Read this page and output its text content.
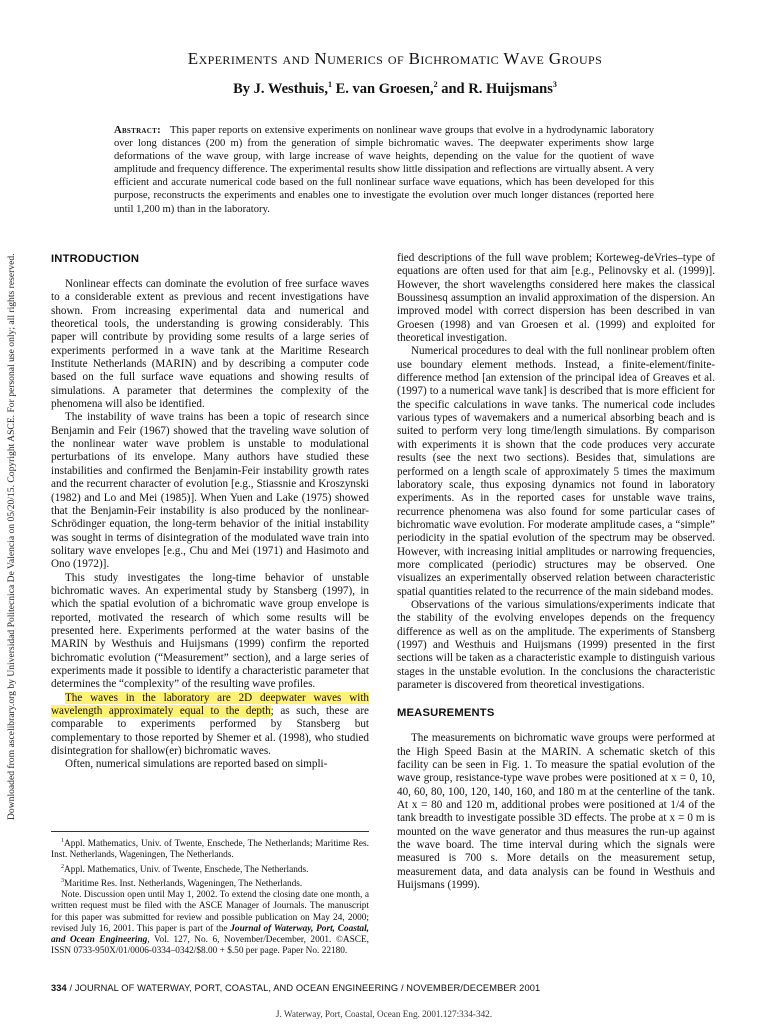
Downloaded from ascelibrary.org by Universidad Politecnica De Valencia on 05/20/15. Copyright ASCE. For personal use only; all rights reserved.
Experiments and Numerics of Bichromatic Wave Groups
By J. Westhuis,$^1$ E. van Groesen,$^2$ and R. Huijsmans$^3$

Abstract: This paper reports on extensive experiments on nonlinear wave groups that evolve in a hydrodynamic laboratory over long distances (200 m) from the generation of simple bichromatic waves. The deepwater experiments show large deformations of the wave group, with large increase of wave heights, depending on the value for the quotient of wave amplitude and frequency difference. The experimental results show little dissipation and reflections are virtually absent. A very efficient and accurate numerical code based on the full nonlinear surface wave equations, which has been developed for this purpose, reconstructs the experiments and enables one to investigate the evolution over much longer distances (reported here until 1,200 m) than in the laboratory.

INTRODUCTION

Nonlinear effects can dominate the evolution of free surface waves to a considerable extent as previous and recent investigations have shown. From increasing experimental data and numerical and theoretical tools, the understanding is growing considerably. This paper will contribute by providing some results of a large series of experiments performed in a wave tank at the Maritime Research Institute Netherlands (MARIN) and by describing a computer code based on the full surface wave equations and showing results of simulations. A parameter that determines the complexity of the phenomena will also be identified.

The instability of wave trains has been a topic of research since Benjamin and Feir (1967) showed that the traveling wave solution of the nonlinear water wave problem is unstable to modulational perturbations of its envelope. Many authors have studied these instabilities and confirmed the Benjamin-Feir instability growth rates and the recurrent character of evolution [e.g., Stiassnie and Kroszynski (1982) and Lo and Mei (1985)]. When Yuen and Lake (1975) showed that the Benjamin-Feir instability is also produced by the nonlinear-Schrödinger equation, the long-term behavior of the initial instability was sought in terms of disintegration of the modulated wave train into solitary wave envelopes [e.g., Chu and Mei (1971) and Hasimoto and Ono (1972)].

This study investigates the long-time behavior of unstable bichromatic waves. An experimental study by Stansberg (1997), in which the spatial evolution of a bichromatic wave group envelope is reported, motivated the research of which some results will be presented here. Experiments performed at the water basins of the MARIN by Westhuis and Huijsmans (1999) confirm the reported bichromatic evolution (“Measurement” section), and a large series of experiments made it possible to identify a characteristic parameter that determines the “complexity” of the resulting wave profiles.

The waves in the laboratory are 2D deepwater waves with wavelength approximately equal to the depth; as such, these are comparable to experiments performed by Stansberg but complementary to those reported by Shemer et al. (1998), who studied disintegration for shallow(er) bichromatic waves.

Often, numerical simulations are reported based on simpli-

$^1$Appl. Mathematics, Univ. of Twente, Enschede, The Netherlands; Maritime Res. Inst. Netherlands, Wageningen, The Netherlands.

$^2$Appl. Mathematics, Univ. of Twente, Enschede, The Netherlands.

$^3$Maritime Res. Inst. Netherlands, Wageningen, The Netherlands.

Note. Discussion open until May 1, 2002. To extend the closing date one month, a written request must be filed with the ASCE Manager of Journals. The manuscript for this paper was submitted for review and possible publication on May 24, 2000; revised July 16, 2001. This paper is part of the Journal of Waterway, Port, Coastal, and Ocean Engineering, Vol. 127, No. 6, November/December, 2001. ©ASCE, ISSN 0733-950X/01/0006-0334–0342/$8.00 + $.50 per page. Paper No. 22180.

fied descriptions of the full wave problem; Korteweg-deVries–type of equations are often used for that aim [e.g., Pelinovsky et al. (1999)]. However, the short wavelengths considered here makes the classical Boussinesq assumption an invalid approximation of the dispersion. An improved model with correct dispersion has been described in van Groesen (1998) and van Groesen et al. (1999) and exploited for theoretical investigation.

Numerical procedures to deal with the full nonlinear problem often use boundary element methods. Instead, a finite-element/finite-difference method [an extension of the principal idea of Greaves et al. (1997) to a numerical wave tank] is described that is more efficient for the specific calculations in wave tanks. The numerical code includes various types of wavemakers and a numerical absorbing beach and is suited to perform very long time/length simulations. By comparison with experiments it is shown that the code produces very accurate results (see the next two sections). Besides that, simulations are performed on a length scale of approximately 5 times the maximum laboratory scale, thus exposing dynamics not found in laboratory experiments. As in the reported cases for unstable wave trains, recurrence phenomena was also found for some particular cases of bichromatic wave evolution. For moderate amplitude cases, a “simple” periodicity in the spatial evolution of the spectrum may be observed. However, with increasing initial amplitudes or narrowing frequencies, more complicated (periodic) structures may be observed. One visualizes an experimentally observed relation between characteristic spatial quantities related to the recurrence of the main sideband modes.

Observations of the various simulations/experiments indicate that the stability of the evolving envelopes depends on the frequency difference as well as on the amplitude. The experiments of Stansberg (1997) and Westhuis and Huijsmans (1999) presented in the first sections will be taken as a characteristic example to distinguish various stages in the unstable evolution. In the conclusions the characteristic parameter is discovered from theoretical investigations.

MEASUREMENTS

The measurements on bichromatic wave groups were performed at the High Speed Basin at the MARIN. A schematic sketch of this facility can be seen in Fig. 1. To measure the spatial evolution of the wave group, resistance-type wave probes were positioned at x = 0, 10, 40, 60, 80, 100, 120, 140, 160, and 180 m at the centerline of the tank. At x = 80 and 120 m, additional probes were positioned at 1/4 of the tank breadth to investigate possible 3D effects. The probe at x = 0 m is mounted on the wave generator and thus measures the run-up against the wave board. The time interval during which the signals were measured is 700 s. More details on the measurement setup, measurement data, and data analysis can be found in Westhuis and Huijsmans (1999).

334 / JOURNAL OF WATERWAY, PORT, COASTAL, AND OCEAN ENGINEERING / NOVEMBER/DECEMBER 2001
J. Waterway, Port, Coastal, Ocean Eng. 2001.127:334-342.
